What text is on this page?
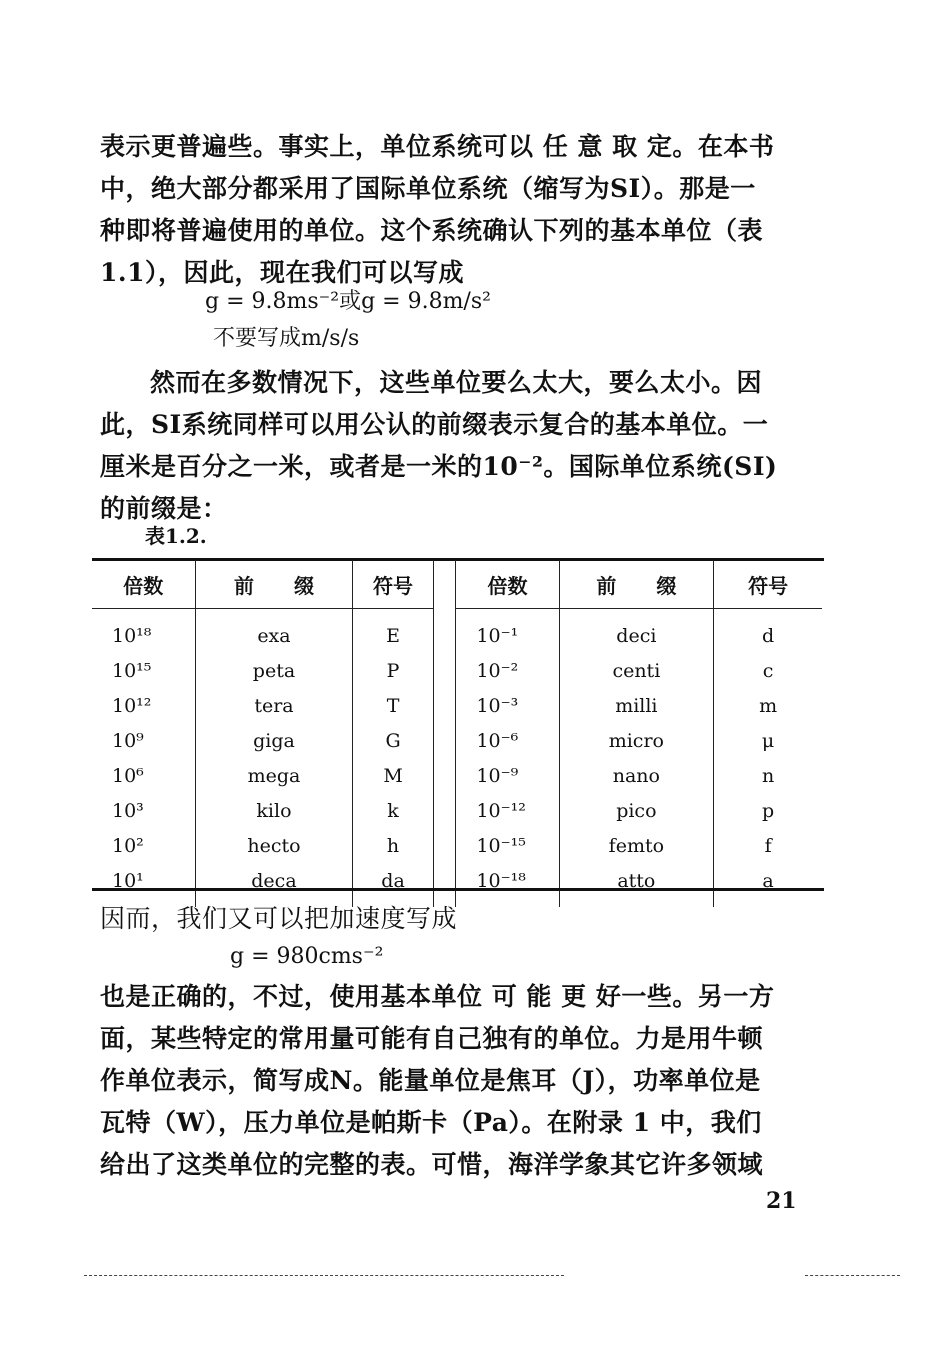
表示更普遍些。事实上，单位系统可以 任 意 取 定。在本书
中，绝大部分都采用了国际单位系统（缩写为SI）。那是一
种即将普遍使用的单位。这个系统确认下列的基本单位（表
1.1），因此，现在我们可以写成
g = 9.8ms⁻²或g = 9.8m/s²
不要写成m/s/s
然而在多数情况下，这些单位要么太大，要么太小。因
此，SI系统同样可以用公认的前缀表示复合的基本单位。一
厘米是百分之一米，或者是一米的10⁻²。国际单位系统(SI)
的前缀是：
表1.2.
倍数	前　　缀	符号		倍数	前　　缀	符号
10¹⁸	exa	E		10⁻¹	deci	d
10¹⁵	peta	P		10⁻²	centi	c
10¹²	tera	T		10⁻³	milli	m
10⁹	giga	G		10⁻⁶	micro	μ
10⁶	mega	M		10⁻⁹	nano	n
10³	kilo	k		10⁻¹²	pico	p
10²	hecto	h		10⁻¹⁵	femto	f
10¹	deca	da		10⁻¹⁸	atto	a
因而，我们又可以把加速度写成
g = 980cms⁻²
也是正确的，不过，使用基本单位 可 能 更 好一些。另一方
面，某些特定的常用量可能有自己独有的单位。力是用牛顿
作单位表示，简写成N。能量单位是焦耳（J），功率单位是
瓦特（W），压力单位是帕斯卡（Pa）。在附录 1 中，我们
给出了这类单位的完整的表。可惜，海洋学象其它许多领域
21
